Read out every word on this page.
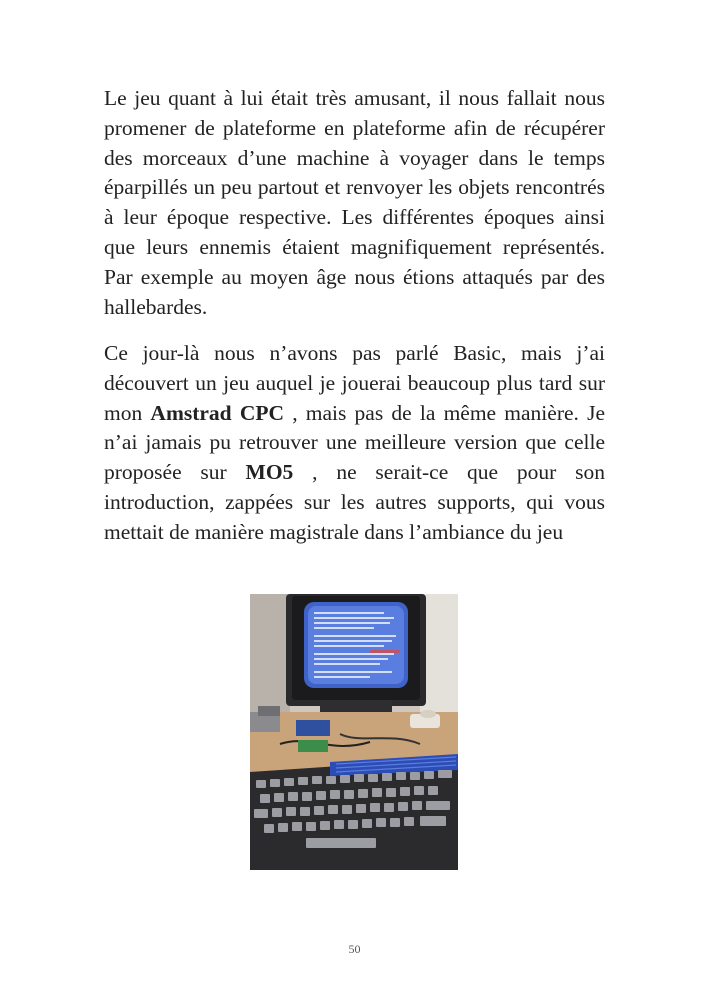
Le jeu quant à lui était très amusant, il nous fallait nous promener de plateforme en plateforme afin de récupérer des morceaux d’une machine à voyager dans le temps éparpillés un peu partout et renvoyer les objets rencontrés à leur époque respective. Les différentes époques ainsi que leurs ennemis étaient magnifiquement représentés. Par exemple au moyen âge nous étions attaqués par des hallebardes.

Ce jour-là nous n’avons pas parlé Basic, mais j’ai découvert un jeu auquel je jouerai beaucoup plus tard sur mon Amstrad CPC , mais pas de la même manière. Je n’ai jamais pu retrouver une meilleure version que celle proposée sur MO5 , ne serait-ce que pour son introduction, zappées sur les autres supports, qui vous mettait de manière magistrale dans l’ambiance du jeu

50
